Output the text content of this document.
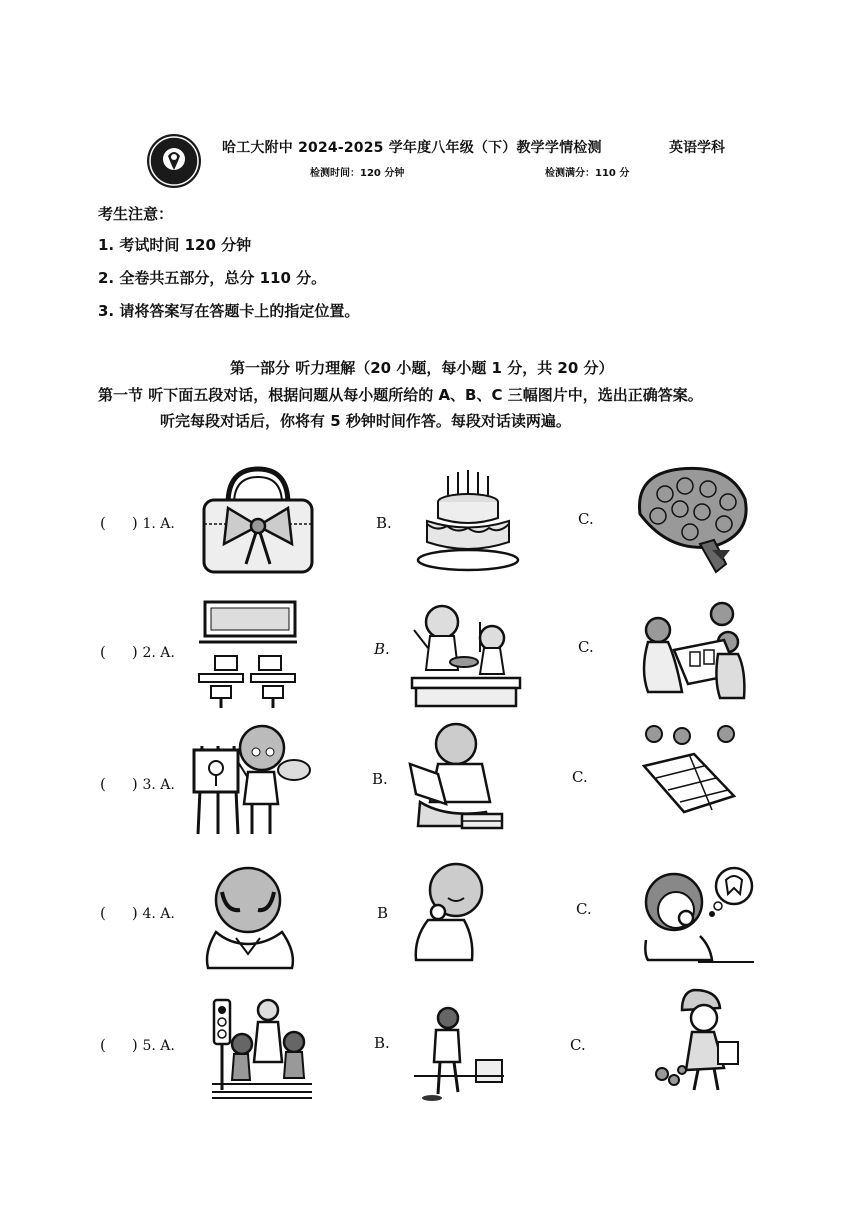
哈工大附中 2024-2025 学年度八年级（下）教学学情检测	英语学科
检测时间：120 分钟	检测满分：110 分
考生注意：
1. 考试时间 120 分钟
2. 全卷共五部分，总分 110 分。
3. 请将答案写在答题卡上的指定位置。
第一部分 听力理解（20 小题，每小题 1 分，共 20 分）
第一节 听下面五段对话，根据问题从每小题所给的 A、B、C 三幅图片中，选出正确答案。
听完每段对话后，你将有 5 秒钟时间作答。每段对话读两遍。
( ) 1. A.	B.	C.
( ) 2. A.	B.	C.
( ) 3. A.	B.	C.
( ) 4. A.	B	C.
( ) 5. A.	B.	C.
